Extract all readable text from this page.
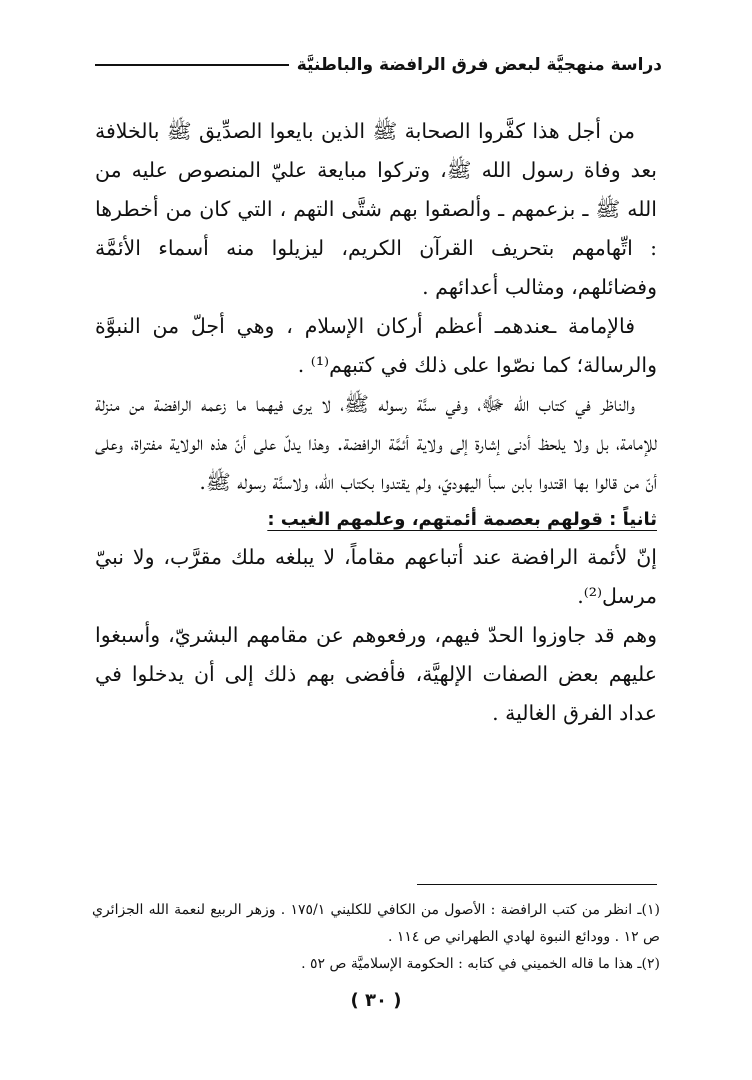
دراسة منهجيَّة لبعض فرق الرافضة والباطنيَّة

من أجل هذا كفَّروا الصحابة ﷺ الذين بايعوا الصدِّيق ﷺ بالخلافة بعد وفاة رسول الله ﷺ، وتركوا مبايعة عليّ المنصوص عليه من الله ﷺ ـ بزعمهم ـ وألصقوا بهم شتَّى التهم ، التي كان من أخطرها : اتِّهامهم بتحريف القرآن الكريم، ليزيلوا منه أسماء الأئمَّة وفضائلهم، ومثالب أعدائهم .

فالإمامة ـعندهمـ أعظم أركان الإسلام ، وهي أجلّ من النبوَّة والرسالة؛ كما نصّوا على ذلك في كتبهم⁽¹⁾ .

والناظر في كتاب الله ﷻ، وفي سنَّة رسوله ﷺ، لا يرى فيهما ما زعمه الرافضة من منزلة للإمامة، بل ولا يلحظ أدنى إشارة إلى ولاية أئمَّة الرافضة. وهذا يدلّ على أنّ هذه الولاية مفتراة، وعلى أنّ من قالوا بها اقتدوا بابن سبأ اليهوديّ، ولم يقتدوا بكتاب الله، ولاسنَّة رسوله ﷺ.

ثانياً : قولهم بعصمة أئمتهم، وعلمهم الغيب :

إنّ لأئمة الرافضة عند أتباعهم مقاماً، لا يبلغه ملك مقرَّب، ولا نبيّ مرسل⁽²⁾.

وهم قد جاوزوا الحدّ فيهم، ورفعوهم عن مقامهم البشريّ، وأسبغوا عليهم بعض الصفات الإلهيَّة، فأفضى بهم ذلك إلى أن يدخلوا في عداد الفرق الغالية .

(١)ـ انظر من كتب الرافضة : الأصول من الكافي للكليني ١٧٥/١ . وزهر الربيع لنعمة الله الجزائري ص ١٢ . وودائع النبوة لهادي الطهراني ص ١١٤ .

(٢)ـ هذا ما قاله الخميني في كتابه : الحكومة الإسلاميَّة ص ٥٢ .

( ٣٠ )
